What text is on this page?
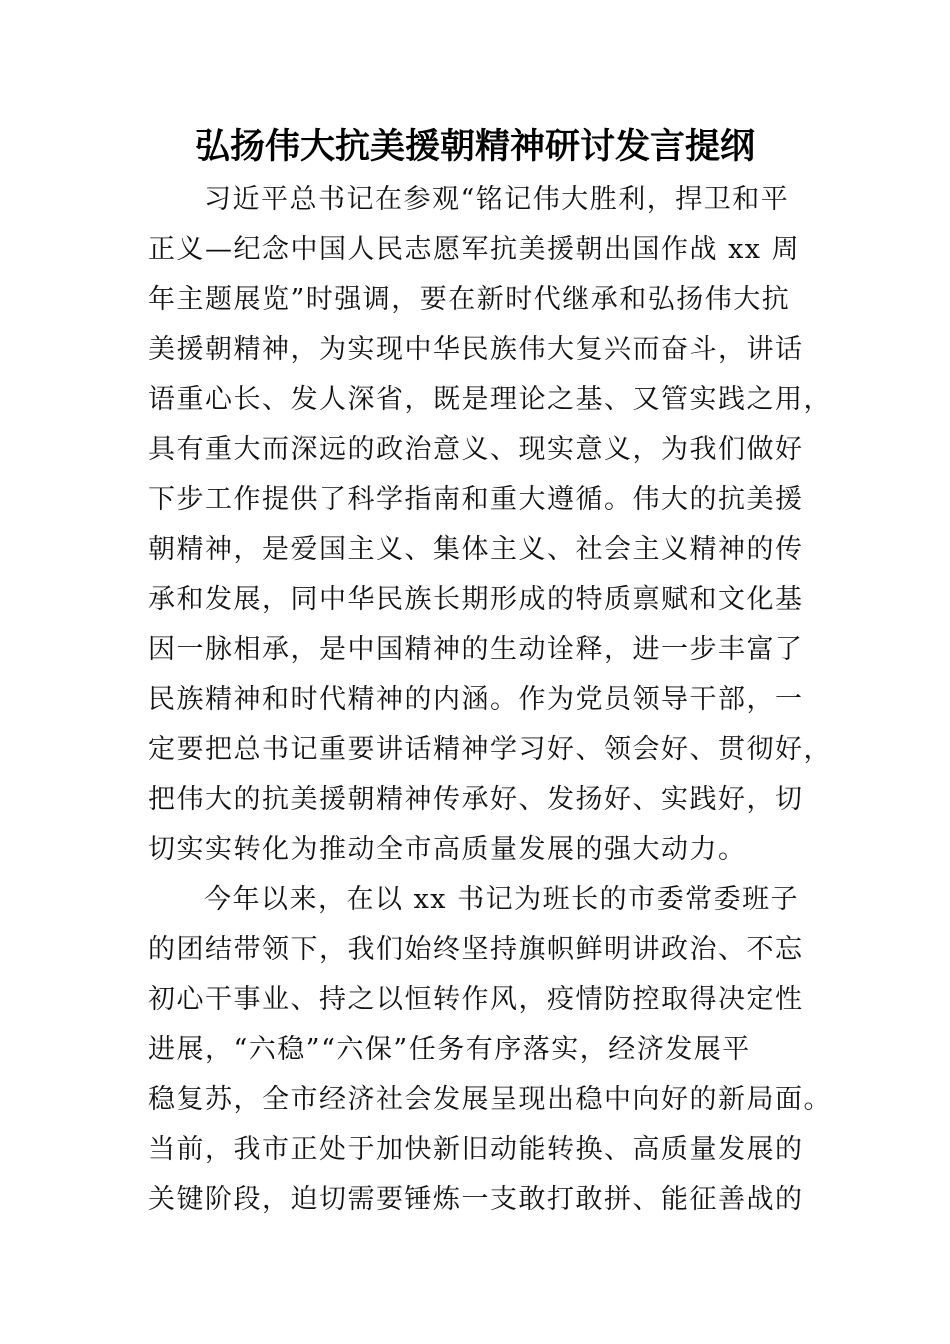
弘扬伟大抗美援朝精神研讨发言提纲
习近平总书记在参观“铭记伟大胜利，捍卫和平
正义—纪念中国人民志愿军抗美援朝出国作战 xx 周
年主题展览”时强调，要在新时代继承和弘扬伟大抗
美援朝精神，为实现中华民族伟大复兴而奋斗，讲话
语重心长、发人深省，既是理论之基、又管实践之用，
具有重大而深远的政治意义、现实意义，为我们做好
下步工作提供了科学指南和重大遵循。伟大的抗美援
朝精神，是爱国主义、集体主义、社会主义精神的传
承和发展，同中华民族长期形成的特质禀赋和文化基
因一脉相承，是中国精神的生动诠释，进一步丰富了
民族精神和时代精神的内涵。作为党员领导干部，一
定要把总书记重要讲话精神学习好、领会好、贯彻好，
把伟大的抗美援朝精神传承好、发扬好、实践好，切
切实实转化为推动全市高质量发展的强大动力。
今年以来，在以 xx 书记为班长的市委常委班子
的团结带领下，我们始终坚持旗帜鲜明讲政治、不忘
初心干事业、持之以恒转作风，疫情防控取得决定性
进展，“六稳”“六保”任务有序落实，经济发展平
稳复苏，全市经济社会发展呈现出稳中向好的新局面。
当前，我市正处于加快新旧动能转换、高质量发展的
关键阶段，迫切需要锤炼一支敢打敢拼、能征善战的
